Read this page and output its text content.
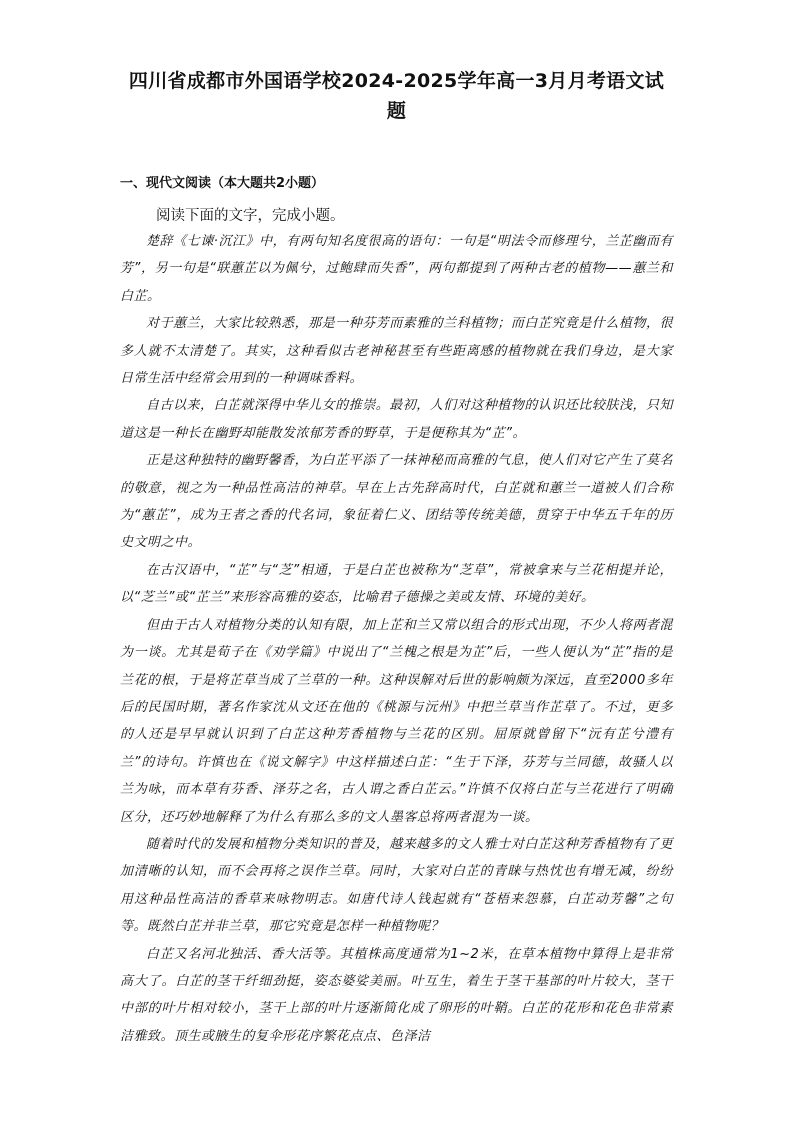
四川省成都市外国语学校2024-2025学年高一3月月考语文试题
一、现代文阅读（本大题共2小题）
阅读下面的文字，完成小题。

楚辞《七谏·沉江》中，有两句知名度很高的语句：一句是“明法令而修理兮，兰芷幽而有芳”，另一句是“联蕙芷以为佩兮，过鲍肆而失香”，两句都提到了两种古老的植物——蕙兰和白芷。

对于蕙兰，大家比较熟悉，那是一种芬芳而素雅的兰科植物；而白芷究竟是什么植物，很多人就不太清楚了。其实，这种看似古老神秘甚至有些距离感的植物就在我们身边，是大家日常生活中经常会用到的一种调味香料。

自古以来，白芷就深得中华儿女的推崇。最初，人们对这种植物的认识还比较肤浅，只知道这是一种长在幽野却能散发浓郁芳香的野草，于是便称其为“芷”。

正是这种独特的幽野馨香，为白芷平添了一抹神秘而高雅的气息，使人们对它产生了莫名的敬意，视之为一种品性高洁的神草。早在上古先辞高时代，白芷就和蕙兰一道被人们合称为“蕙芷”，成为王者之香的代名词，象征着仁义、团结等传统美德，贯穿于中华五千年的历史文明之中。

在古汉语中，“芷”与“芝”相通，于是白芷也被称为“芝草”，常被拿来与兰花相提并论，以“芝兰”或“芷兰”来形容高雅的姿态，比喻君子德操之美或友情、环境的美好。

但由于古人对植物分类的认知有限，加上芷和兰又常以组合的形式出现，不少人将两者混为一谈。尤其是荀子在《劝学篇》中说出了“兰槐之根是为芷”后，一些人便认为“芷”指的是兰花的根，于是将芷草当成了兰草的一种。这种误解对后世的影响颇为深远，直至2000多年后的民国时期，著名作家沈从文还在他的《桃源与沅州》中把兰草当作芷草了。不过，更多的人还是早早就认识到了白芷这种芳香植物与兰花的区别。屈原就曾留下“沅有芷兮澧有兰”的诗句。许慎也在《说文解字》中这样描述白芷：“生于下泽，芬芳与兰同德，故骚人以兰为咏，而本草有芬香、泽芬之名，古人谓之香白芷云。”许慎不仅将白芷与兰花进行了明确区分，还巧妙地解释了为什么有那么多的文人墨客总将两者混为一谈。

随着时代的发展和植物分类知识的普及，越来越多的文人雅士对白芷这种芳香植物有了更加清晰的认知，而不会再将之误作兰草。同时，大家对白芷的青睐与热忱也有增无减，纷纷用这种品性高洁的香草来咏物明志。如唐代诗人钱起就有“苍梧来怨慕，白芷动芳馨”之句等。既然白芷并非兰草，那它究竟是怎样一种植物呢？

白芷又名河北独活、香大活等。其植株高度通常为1~2米，在草本植物中算得上是非常高大了。白芷的茎干纤细劲挺，姿态婆娑美丽。叶互生，着生于茎干基部的叶片较大，茎干中部的叶片相对较小，茎干上部的叶片逐渐简化成了卵形的叶鞘。白芷的花形和花色非常素洁雅致。顶生或腋生的复伞形花序繁花点点、色泽洁
